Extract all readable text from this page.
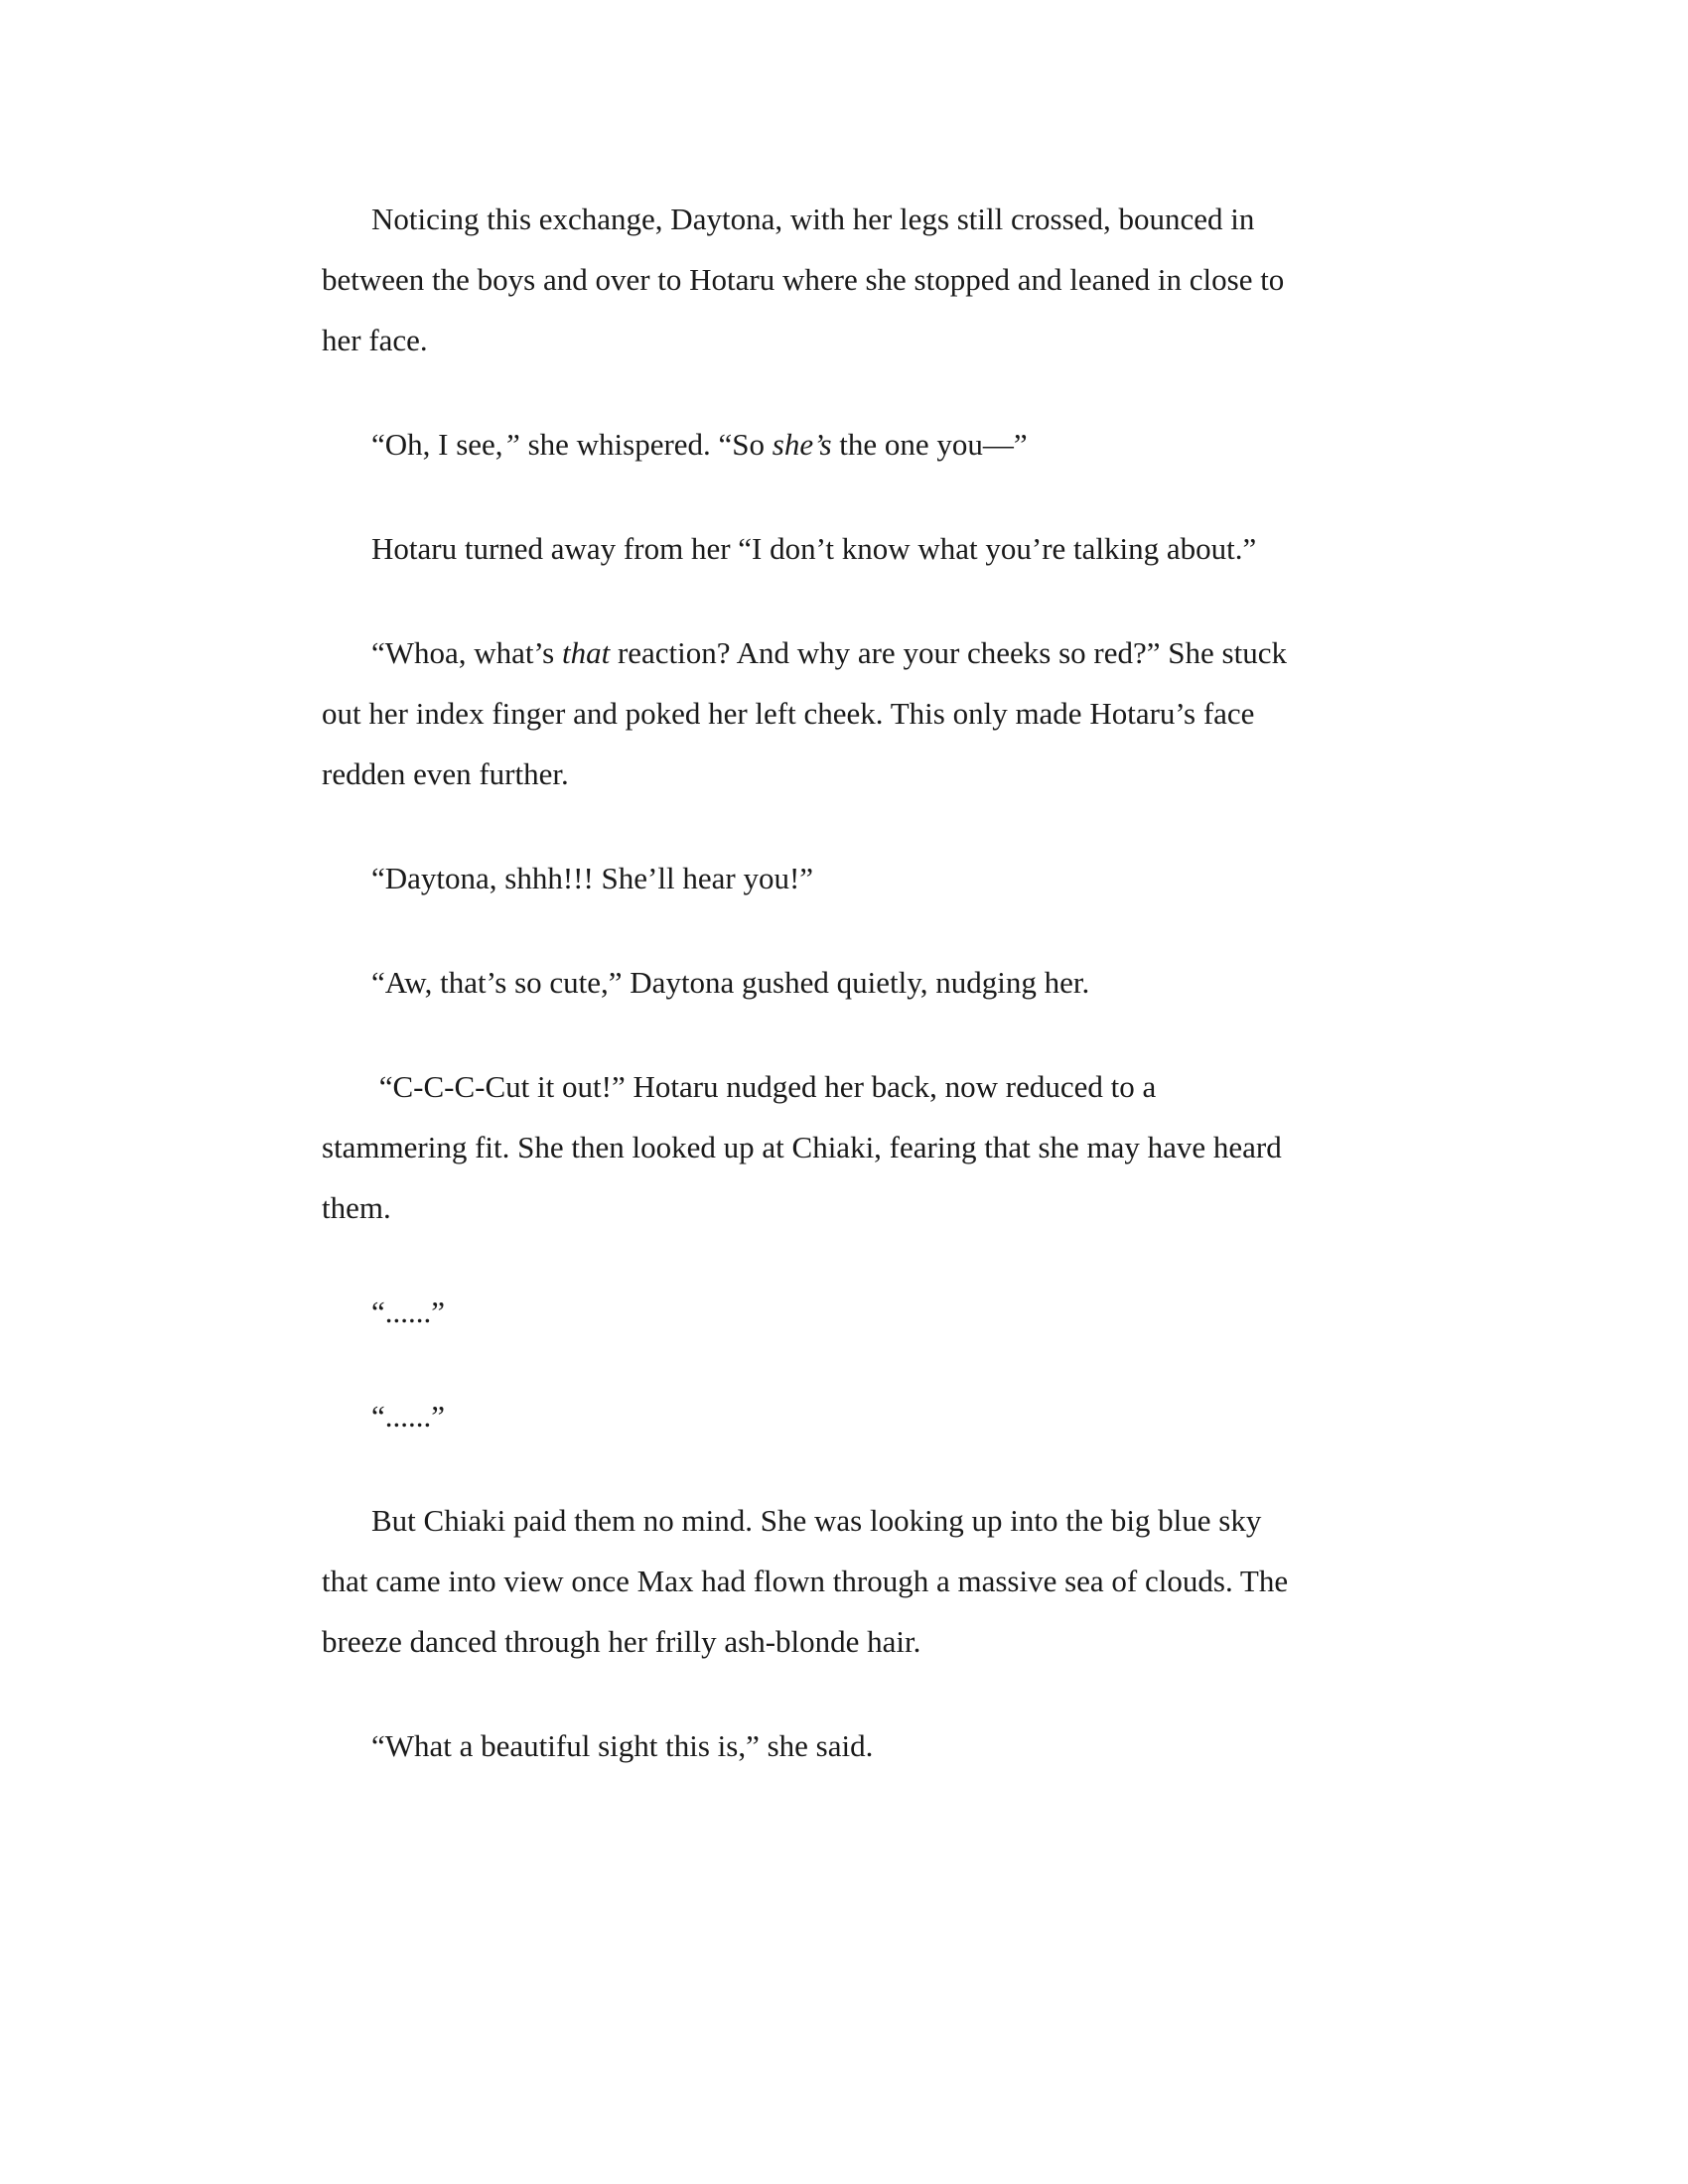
Noticing this exchange, Daytona, with her legs still crossed, bounced in
between the boys and over to Hotaru where she stopped and leaned in close to
her face.

“Oh, I see,” she whispered. “So she’s the one you—”

Hotaru turned away from her “I don’t know what you’re talking about.”

“Whoa, what’s that reaction? And why are your cheeks so red?” She stuck
out her index finger and poked her left cheek. This only made Hotaru’s face
redden even further.

“Daytona, shhh!!! She’ll hear you!”

“Aw, that’s so cute,” Daytona gushed quietly, nudging her.

“C-C-C-Cut it out!” Hotaru nudged her back, now reduced to a
stammering fit. She then looked up at Chiaki, fearing that she may have heard
them.

“......”

“......”

But Chiaki paid them no mind. She was looking up into the big blue sky
that came into view once Max had flown through a massive sea of clouds. The
breeze danced through her frilly ash-blonde hair.

“What a beautiful sight this is,” she said.
